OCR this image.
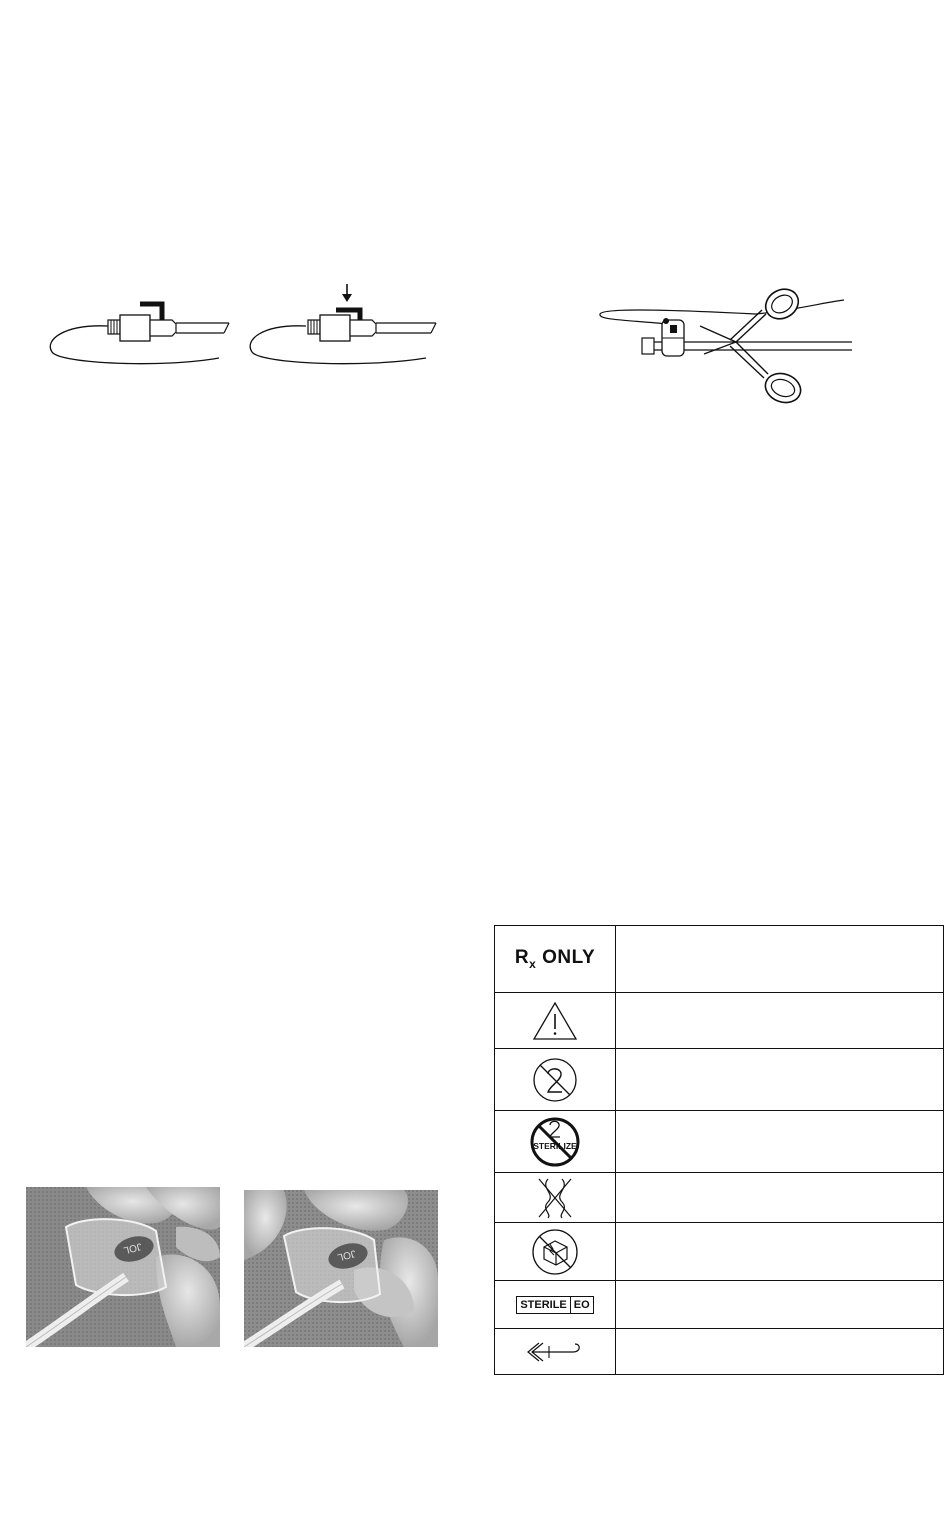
JOL	JOL
$R_x$ ONLY
STERILIZE
STERILE EO
